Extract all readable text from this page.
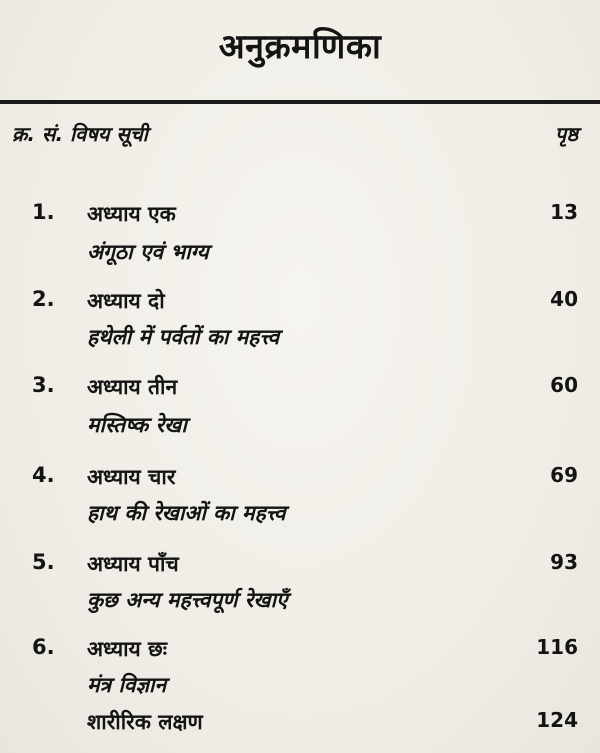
अनुक्रमणिका
क्र. सं. विषय सूची	पृष्ठ
1. अध्याय एक	13
अंगूठा एवं भाग्य
2. अध्याय दो	40
हथेली में पर्वतों का महत्त्व
3. अध्याय तीन	60
मस्तिष्क रेखा
4. अध्याय चार	69
हाथ की रेखाओं का महत्त्व
5. अध्याय पाँच	93
कुछ अन्य महत्त्वपूर्ण रेखाएँ
6. अध्याय छः	116
मंत्र विज्ञान
शारीरिक लक्षण	124
